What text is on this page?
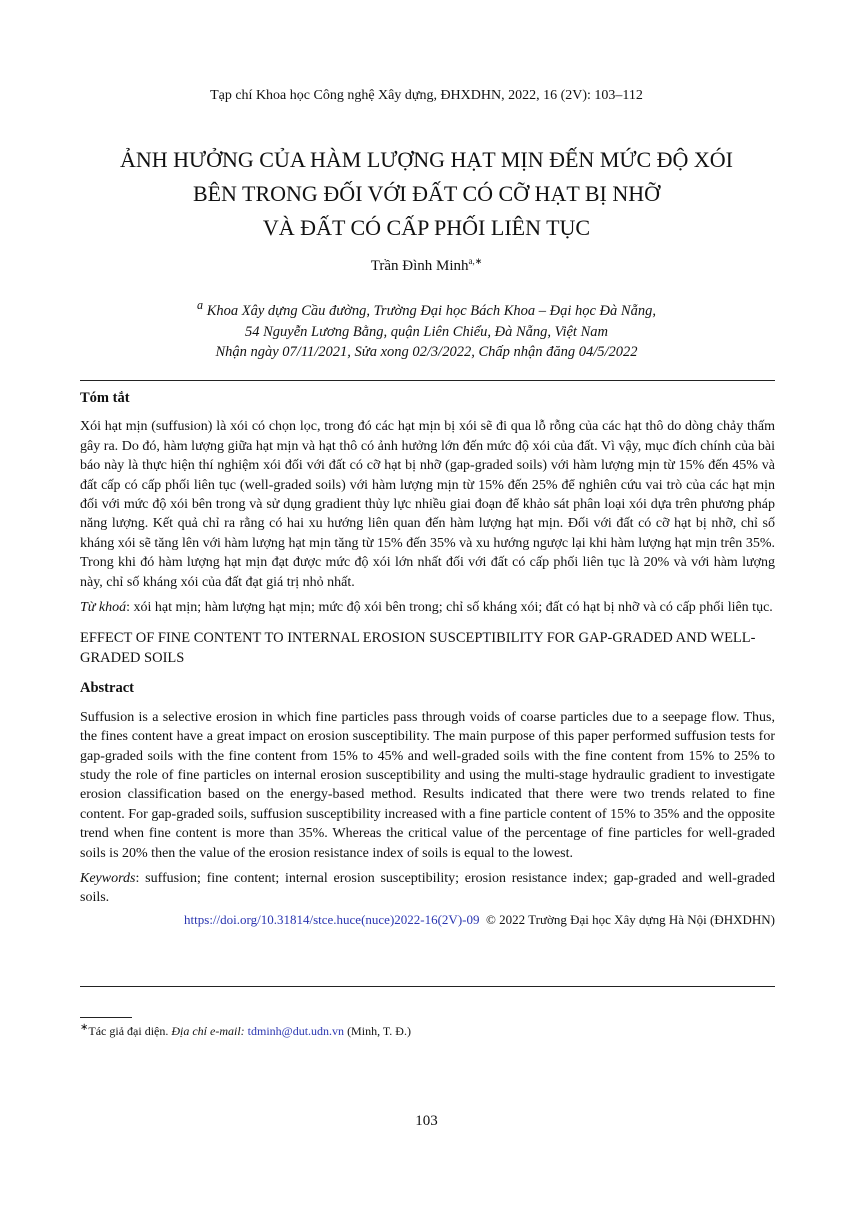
Tạp chí Khoa học Công nghệ Xây dựng, ĐHXDHN, 2022, 16 (2V): 103–112
ẢNH HƯỞNG CỦA HÀM LƯỢNG HẠT MỊN ĐẾN MỨC ĐỘ XÓI
BÊN TRONG ĐỐI VỚI ĐẤT CÓ CỠ HẠT BỊ NHỠ
VÀ ĐẤT CÓ CẤP PHỐI LIÊN TỤC
Trần Đình Minh$^{a,∗}$
$^a$ Khoa Xây dựng Cầu đường, Trường Đại học Bách Khoa – Đại học Đà Nẵng,
54 Nguyễn Lương Bằng, quận Liên Chiểu, Đà Nẵng, Việt Nam
Nhận ngày 07/11/2021, Sửa xong 02/3/2022, Chấp nhận đăng 04/5/2022
Tóm tắt
Xói hạt mịn (suffusion) là xói có chọn lọc, trong đó các hạt mịn bị xói sẽ đi qua lỗ rỗng của các hạt thô do dòng chảy thấm gây ra. Do đó, hàm lượng giữa hạt mịn và hạt thô có ảnh hưởng lớn đến mức độ xói của đất. Vì vậy, mục đích chính của bài báo này là thực hiện thí nghiệm xói đối với đất có cỡ hạt bị nhỡ (gap-graded soils) với hàm lượng mịn từ 15% đến 45% và đất cấp có cấp phối liên tục (well-graded soils) với hàm lượng mịn từ 15% đến 25% để nghiên cứu vai trò của các hạt mịn đối với mức độ xói bên trong và sử dụng gradient thủy lực nhiều giai đoạn để khảo sát phân loại xói dựa trên phương pháp năng lượng. Kết quả chỉ ra rằng có hai xu hướng liên quan đến hàm lượng hạt mịn. Đối với đất có cỡ hạt bị nhỡ, chỉ số kháng xói sẽ tăng lên với hàm lượng hạt mịn tăng từ 15% đến 35% và xu hướng ngược lại khi hàm lượng hạt mịn trên 35%. Trong khi đó hàm lượng hạt mịn đạt được mức độ xói lớn nhất đối với đất có cấp phối liên tục là 20% và với hàm lượng này, chỉ số kháng xói của đất đạt giá trị nhỏ nhất.
Từ khoá: xói hạt mịn; hàm lượng hạt mịn; mức độ xói bên trong; chỉ số kháng xói; đất có hạt bị nhỡ và có cấp phối liên tục.
EFFECT OF FINE CONTENT TO INTERNAL EROSION SUSCEPTIBILITY FOR GAP-GRADED AND WELL-GRADED SOILS
Abstract
Suffusion is a selective erosion in which fine particles pass through voids of coarse particles due to a seepage flow. Thus, the fines content have a great impact on erosion susceptibility. The main purpose of this paper performed suffusion tests for gap-graded soils with the fine content from 15% to 45% and well-graded soils with the fine content from 15% to 25% to study the role of fine particles on internal erosion susceptibility and using the multi-stage hydraulic gradient to investigate erosion classification based on the energy-based method. Results indicated that there were two trends related to fine content. For gap-graded soils, suffusion susceptibility increased with a fine particle content of 15% to 35% and the opposite trend when fine content is more than 35%. Whereas the critical value of the percentage of fine particles for well-graded soils is 20% then the value of the erosion resistance index of soils is equal to the lowest.
Keywords: suffusion; fine content; internal erosion susceptibility; erosion resistance index; gap-graded and well-graded soils.
https://doi.org/10.31814/stce.huce(nuce)2022-16(2V)-09 © 2022 Trường Đại học Xây dựng Hà Nội (ĐHXDHN)
∗Tác giả đại diện. Địa chỉ e-mail: tdminh@dut.udn.vn (Minh, T. Đ.)
103
